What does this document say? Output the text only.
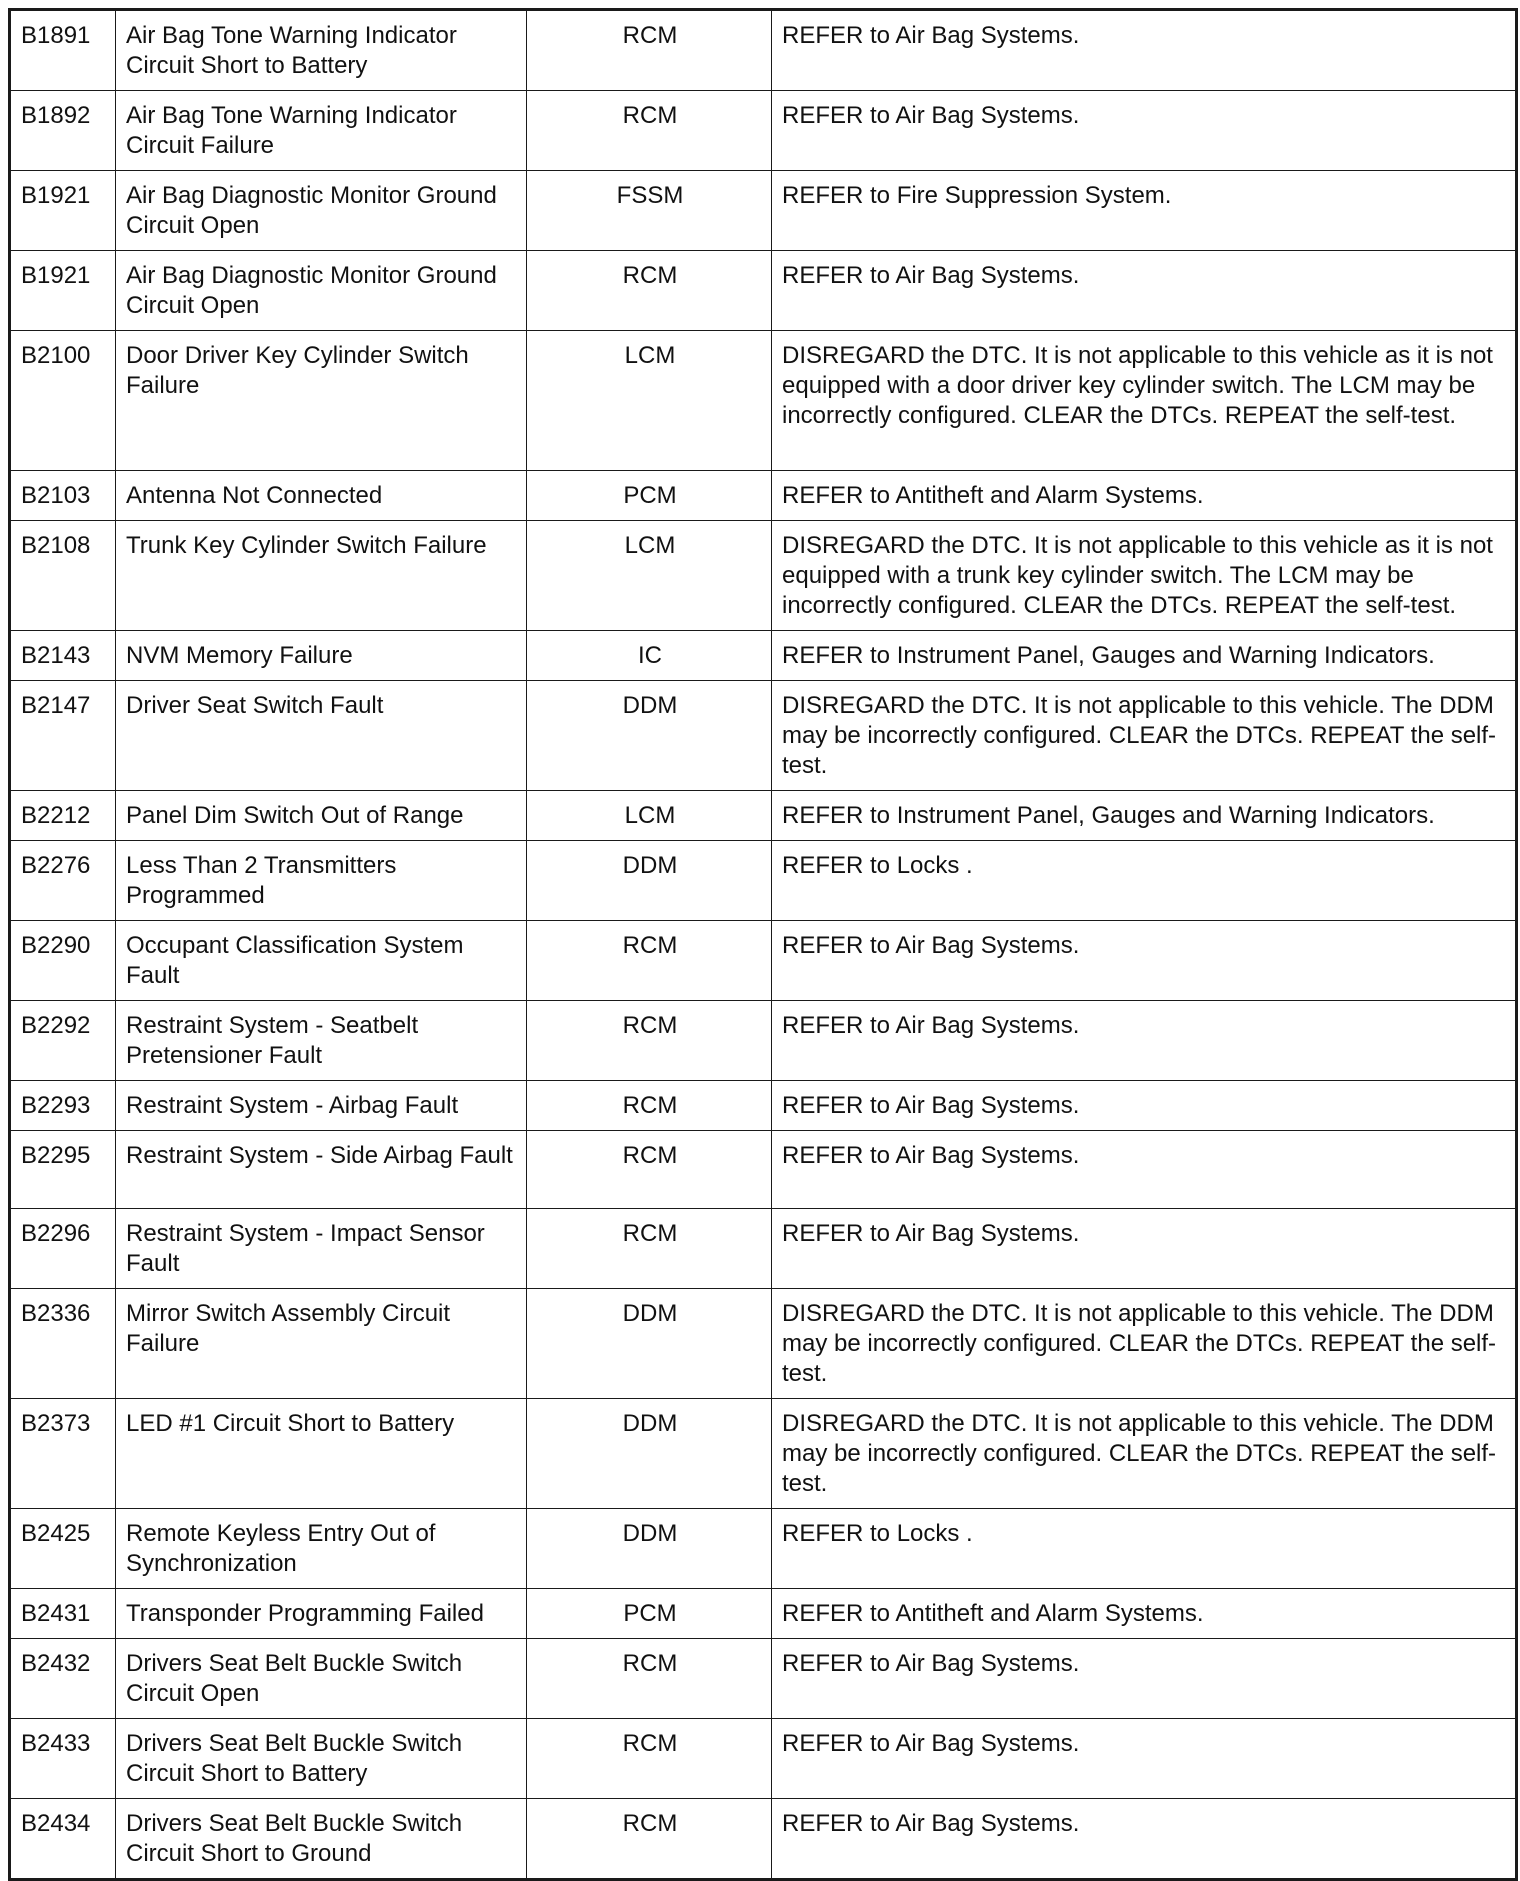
B1891	Air Bag Tone Warning Indicator Circuit Short to Battery	RCM	REFER to Air Bag Systems.
B1892	Air Bag Tone Warning Indicator Circuit Failure	RCM	REFER to Air Bag Systems.
B1921	Air Bag Diagnostic Monitor Ground Circuit Open	FSSM	REFER to Fire Suppression System.
B1921	Air Bag Diagnostic Monitor Ground Circuit Open	RCM	REFER to Air Bag Systems.
B2100	Door Driver Key Cylinder Switch Failure	LCM	DISREGARD the DTC. It is not applicable to this vehicle as it is not equipped with a door driver key cylinder switch. The LCM may be incorrectly configured. CLEAR the DTCs. REPEAT the self-test.
B2103	Antenna Not Connected	PCM	REFER to Antitheft and Alarm Systems.
B2108	Trunk Key Cylinder Switch Failure	LCM	DISREGARD the DTC. It is not applicable to this vehicle as it is not equipped with a trunk key cylinder switch. The LCM may be incorrectly configured. CLEAR the DTCs. REPEAT the self-test.
B2143	NVM Memory Failure	IC	REFER to Instrument Panel, Gauges and Warning Indicators.
B2147	Driver Seat Switch Fault	DDM	DISREGARD the DTC. It is not applicable to this vehicle. The DDM may be incorrectly configured. CLEAR the DTCs. REPEAT the self-test.
B2212	Panel Dim Switch Out of Range	LCM	REFER to Instrument Panel, Gauges and Warning Indicators.
B2276	Less Than 2 Transmitters Programmed	DDM	REFER to Locks .
B2290	Occupant Classification System Fault	RCM	REFER to Air Bag Systems.
B2292	Restraint System - Seatbelt Pretensioner Fault	RCM	REFER to Air Bag Systems.
B2293	Restraint System - Airbag Fault	RCM	REFER to Air Bag Systems.
B2295	Restraint System - Side Airbag Fault	RCM	REFER to Air Bag Systems.
B2296	Restraint System - Impact Sensor Fault	RCM	REFER to Air Bag Systems.
B2336	Mirror Switch Assembly Circuit Failure	DDM	DISREGARD the DTC. It is not applicable to this vehicle. The DDM may be incorrectly configured. CLEAR the DTCs. REPEAT the self-test.
B2373	LED #1 Circuit Short to Battery	DDM	DISREGARD the DTC. It is not applicable to this vehicle. The DDM may be incorrectly configured. CLEAR the DTCs. REPEAT the self-test.
B2425	Remote Keyless Entry Out of Synchronization	DDM	REFER to Locks .
B2431	Transponder Programming Failed	PCM	REFER to Antitheft and Alarm Systems.
B2432	Drivers Seat Belt Buckle Switch Circuit Open	RCM	REFER to Air Bag Systems.
B2433	Drivers Seat Belt Buckle Switch Circuit Short to Battery	RCM	REFER to Air Bag Systems.
B2434	Drivers Seat Belt Buckle Switch Circuit Short to Ground	RCM	REFER to Air Bag Systems.
